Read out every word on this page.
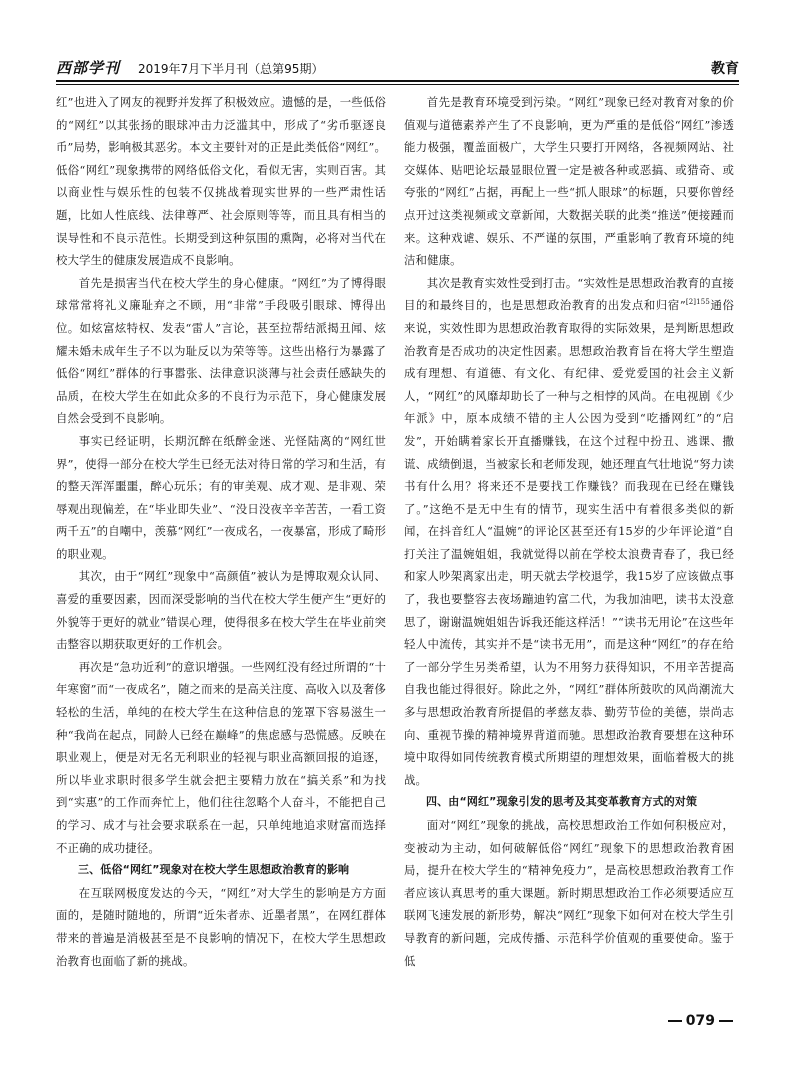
西部学刊 2019年7月下半月刊（总第95期）	教育

红”也进入了网友的视野并发挥了积极效应。遗憾的是，一些低俗的“网红”以其张扬的眼球冲击力泛滥其中，形成了“劣币驱逐良币”局势，影响极其恶劣。本文主要针对的正是此类低俗“网红”。低俗“网红”现象携带的网络低俗文化，看似无害，实则百害。其以商业性与娱乐性的包装不仅挑战着现实世界的一些严肃性话题，比如人性底线、法律尊严、社会原则等等，而且具有相当的误导性和不良示范性。长期受到这种氛围的熏陶，必将对当代在校大学生的健康发展造成不良影响。

首先是损害当代在校大学生的身心健康。“网红”为了博得眼球常常将礼义廉耻弃之不顾，用“非常”手段吸引眼球、博得出位。如炫富炫特权、发表“雷人”言论，甚至拉帮结派揭丑闻、炫耀未婚未成年生子不以为耻反以为荣等等。这些出格行为暴露了低俗“网红”群体的行事嚣张、法律意识淡薄与社会责任感缺失的品质，在校大学生在如此众多的不良行为示范下，身心健康发展自然会受到不良影响。

事实已经证明，长期沉醉在纸醉金迷、光怪陆离的“网红世界”，使得一部分在校大学生已经无法对待日常的学习和生活，有的整天浑浑噩噩，醉心玩乐；有的审美观、成才观、是非观、荣辱观出现偏差，在“毕业即失业”、“没日没夜辛辛苦苦，一看工资两千五”的自嘲中，羡慕“网红”一夜成名，一夜暴富，形成了畸形的职业观。

其次，由于“网红”现象中“高颜值”被认为是博取观众认同、喜爱的重要因素，因而深受影响的当代在校大学生便产生“更好的外貌等于更好的就业”错误心理，使得很多在校大学生在毕业前突击整容以期获取更好的工作机会。

再次是“急功近利”的意识增强。一些网红没有经过所谓的“十年寒窗”而“一夜成名”，随之而来的是高关注度、高收入以及奢侈轻松的生活，单纯的在校大学生在这种信息的笼罩下容易滋生一种“我尚在起点，同龄人已经在巅峰”的焦虑感与恐慌感。反映在职业观上，便是对无名无利职业的轻视与职业高额回报的追逐，所以毕业求职时很多学生就会把主要精力放在“搞关系”和为找到“实惠”的工作而奔忙上，他们往往忽略个人奋斗，不能把自己的学习、成才与社会要求联系在一起，只单纯地追求财富而选择不正确的成功捷径。

三、低俗“网红”现象对在校大学生思想政治教育的影响

在互联网极度发达的今天，“网红”对大学生的影响是方方面面的，是随时随地的，所谓“近朱者赤、近墨者黑”，在网红群体带来的普遍是消极甚至是不良影响的情况下，在校大学生思想政治教育也面临了新的挑战。

首先是教育环境受到污染。“网红”现象已经对教育对象的价值观与道德素养产生了不良影响，更为严重的是低俗“网红”渗透能力极强，覆盖面极广，大学生只要打开网络，各视频网站、社交媒体、贴吧论坛最显眼位置一定是被各种或恶搞、或猎奇、或夸张的“网红”占据，再配上一些“抓人眼球”的标题，只要你曾经点开过这类视频或文章新闻，大数据关联的此类“推送”便接踵而来。这种戏谑、娱乐、不严谨的氛围，严重影响了教育环境的纯洁和健康。

其次是教育实效性受到打击。“实效性是思想政治教育的直接目的和最终目的，也是思想政治教育的出发点和归宿”$^{[2]155}$通俗来说，实效性即为思想政治教育取得的实际效果，是判断思想政治教育是否成功的决定性因素。思想政治教育旨在将大学生塑造成有理想、有道德、有文化、有纪律、爱党爱国的社会主义新人，“网红”的风靡却助长了一种与之相悖的风尚。在电视剧《少年派》中，原本成绩不错的主人公因为受到“吃播网红”的“启发”，开始瞒着家长开直播赚钱，在这个过程中扮丑、逃课、撒谎、成绩倒退，当被家长和老师发现，她还理直气壮地说“努力读书有什么用？将来还不是要找工作赚钱？而我现在已经在赚钱了。”这绝不是无中生有的情节，现实生活中有着很多类似的新闻，在抖音红人“温婉”的评论区甚至还有15岁的少年评论道“自打关注了温婉姐姐，我就觉得以前在学校太浪费青春了，我已经和家人吵架离家出走，明天就去学校退学，我15岁了应该做点事了，我也要整容去夜场蹦迪钓富二代，为我加油吧，读书太没意思了，谢谢温婉姐姐告诉我还能这样活！”“读书无用论”在这些年轻人中流传，其实并不是“读书无用”，而是这种“网红”的存在给了一部分学生另类希望，认为不用努力获得知识，不用辛苦提高自我也能过得很好。除此之外，“网红”群体所鼓吹的风尚潮流大多与思想政治教育所提倡的孝慈友恭、勤劳节俭的美德，崇尚志向、重视节操的精神境界背道而驰。思想政治教育要想在这种环境中取得如同传统教育模式所期望的理想效果，面临着极大的挑战。

四、由“网红”现象引发的思考及其变革教育方式的对策

面对“网红”现象的挑战，高校思想政治工作如何积极应对，变被动为主动，如何破解低俗“网红”现象下的思想政治教育困局，提升在校大学生的“精神免疫力”，是高校思想政治教育工作者应该认真思考的重大课题。新时期思想政治工作必须要适应互联网飞速发展的新形势，解决“网红”现象下如何对在校大学生引导教育的新问题，完成传播、示范科学价值观的重要使命。鉴于低

079
